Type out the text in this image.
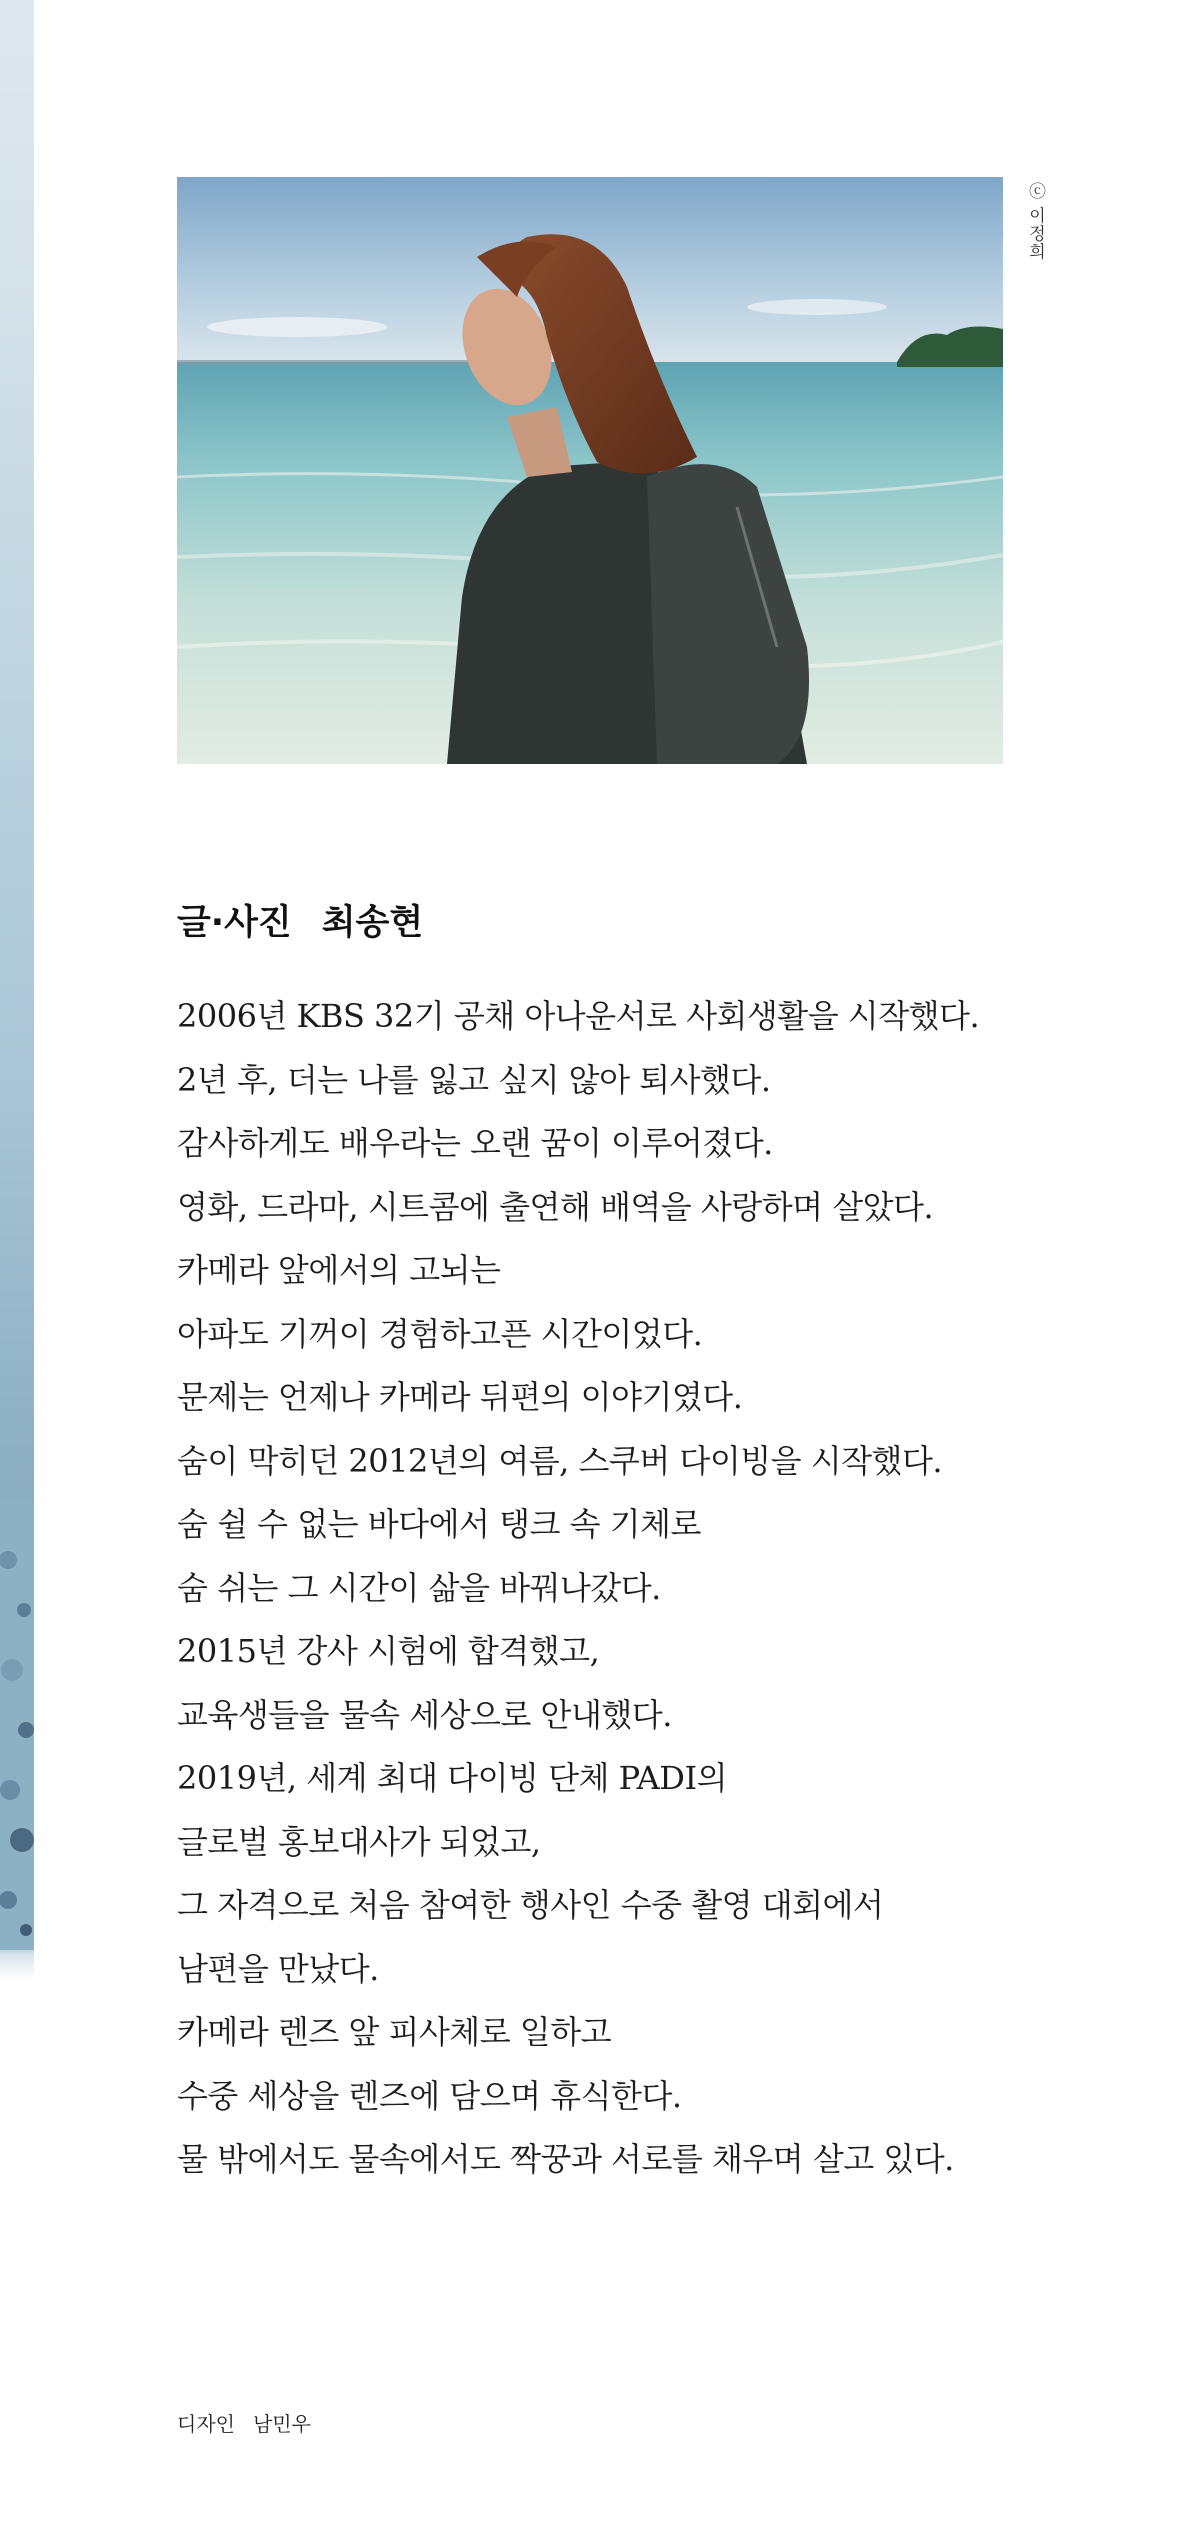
ⓒ 이정희
글·사진 최송현
2006년 KBS 32기 공채 아나운서로 사회생활을 시작했다.
2년 후, 더는 나를 잃고 싶지 않아 퇴사했다.
감사하게도 배우라는 오랜 꿈이 이루어졌다.
영화, 드라마, 시트콤에 출연해 배역을 사랑하며 살았다.
카메라 앞에서의 고뇌는
아파도 기꺼이 경험하고픈 시간이었다.
문제는 언제나 카메라 뒤편의 이야기였다.
숨이 막히던 2012년의 여름, 스쿠버 다이빙을 시작했다.
숨 쉴 수 없는 바다에서 탱크 속 기체로
숨 쉬는 그 시간이 삶을 바꿔나갔다.
2015년 강사 시험에 합격했고,
교육생들을 물속 세상으로 안내했다.
2019년, 세계 최대 다이빙 단체 PADI의
글로벌 홍보대사가 되었고,
그 자격으로 처음 참여한 행사인 수중 촬영 대회에서
남편을 만났다.
카메라 렌즈 앞 피사체로 일하고
수중 세상을 렌즈에 담으며 휴식한다.
물 밖에서도 물속에서도 짝꿍과 서로를 채우며 살고 있다.
디자인 남민우
